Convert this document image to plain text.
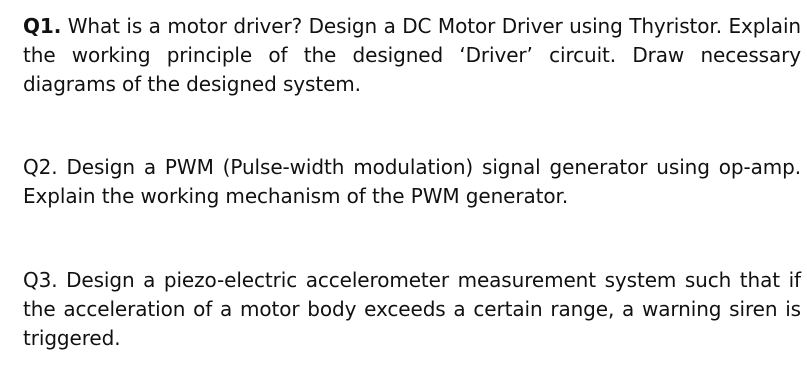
Q1. What is a motor driver? Design a DC Motor Driver using Thyristor. Explain the working principle of the designed ‘Driver’ circuit. Draw necessary diagrams of the designed system.
Q2. Design a PWM (Pulse-width modulation) signal generator using op-amp. Explain the working mechanism of the PWM generator.
Q3. Design a piezo-electric accelerometer measurement system such that if the acceleration of a motor body exceeds a certain range, a warning siren is triggered.
